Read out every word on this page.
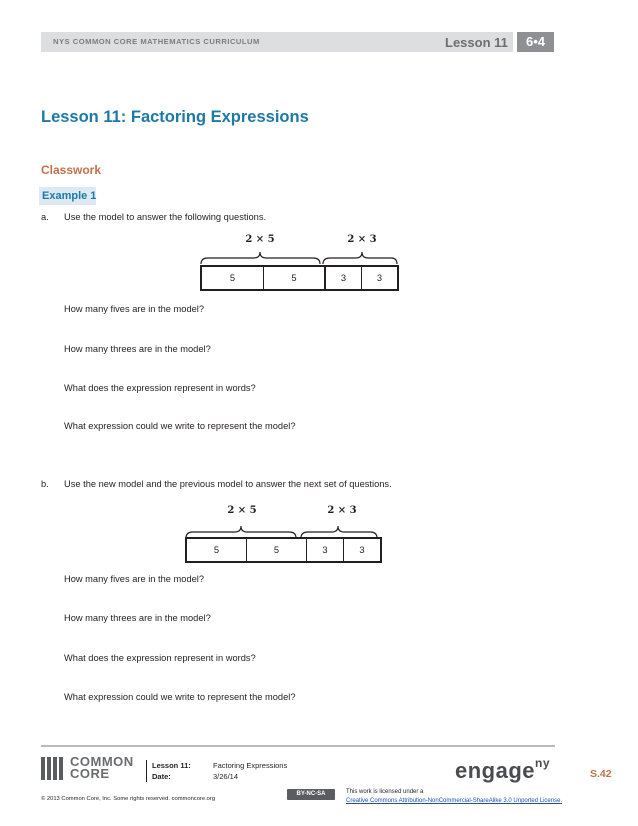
NYS COMMON CORE MATHEMATICS CURRICULUM	Lesson 11	6•4
Lesson 11: Factoring Expressions
Classwork
Example 1
a. Use the model to answer the following questions.
2 × 5	2 × 3
5	5	3	3
How many fives are in the model?
How many threes are in the model?
What does the expression represent in words?
What expression could we write to represent the model?
b. Use the new model and the previous model to answer the next set of questions.
2 × 5	2 × 3
5	5	3	3
How many fives are in the model?
How many threes are in the model?
What does the expression represent in words?
What expression could we write to represent the model?
COMMON
CORE
Lesson 11:	Factoring Expressions
Date:	3/26/14	engage$^{ny}$
S.42
© 2013 Common Core, Inc. Some rights reserved. commoncore.org
BY-NC-SA	This work is licensed under a
Creative Commons Attribution-NonCommercial-ShareAlike 3.0 Unported License.
